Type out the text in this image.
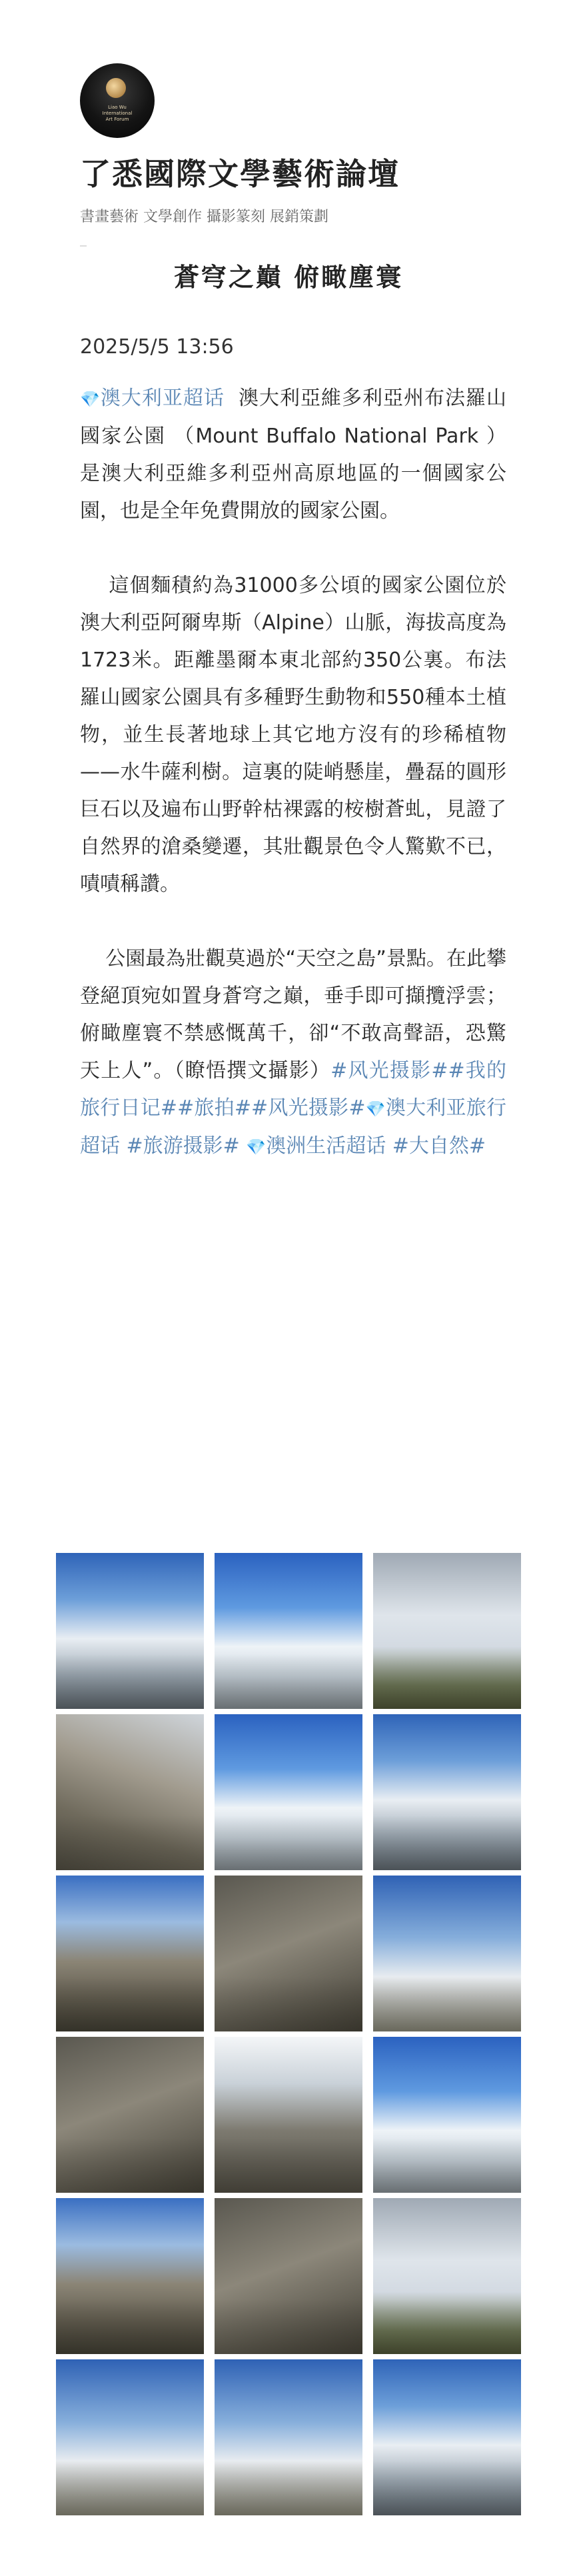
Liao Wu
International
Art Forum
了悉國際文學藝術論壇
書畫藝術 文學創作 攝影篆刻 展銷策劃
蒼穹之巔 俯瞰塵寰
2025/5/5 13:56

💎澳大利亚超话 澳大利亞維多利亞州布法羅山國家公園 （Mount Buffalo National Park ）是澳大利亞維多利亞州高原地區的一個國家公園，也是全年免費開放的國家公園。

這個麵積約為31000多公頃的國家公園位於澳大利亞阿爾卑斯（Alpine）山脈，海拔高度為1723米。距離墨爾本東北部約350公裏。布法羅山國家公園具有多種野生動物和550種本土植物，並生長著地球上其它地方沒有的珍稀植物——水牛薩利樹。這裏的陡峭懸崖，疊磊的圓形巨石以及遍布山野幹枯裸露的桉樹蒼虬，見證了自然界的滄桑變遷，其壯觀景色令人驚歎不已，嘖嘖稱讚。

公園最為壯觀莫過於“天空之島”景點。在此攀登絕頂宛如置身蒼穹之巔，垂手即可擷攬浮雲；俯瞰塵寰不禁感慨萬千，卻“不敢高聲語，恐驚天上人”。（瞭悟撰文攝影）#风光摄影##我的旅行日记##旅拍##风光摄影#💎澳大利亚旅行超话 #旅游摄影# 💎澳洲生活超话 #大自然#
